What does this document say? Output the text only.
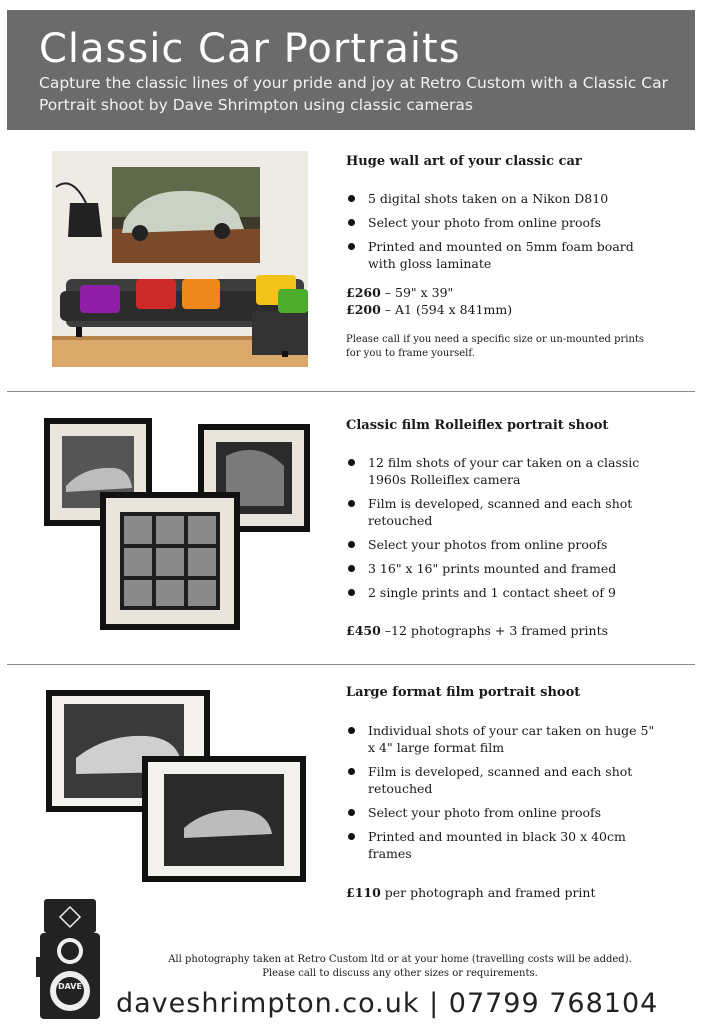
Classic Car Portraits
Capture the classic lines of your pride and joy at Retro Custom with a Classic Car Portrait shoot by Dave Shrimpton using classic cameras
Huge wall art of your classic car
5 digital shots taken on a Nikon D810
Select your photo from online proofs
Printed and mounted on 5mm foam board with gloss laminate
£260 – 59" x 39"
£200 – A1 (594 x 841mm)
Please call if you need a specific size or un-mounted prints for you to frame yourself.
Classic film Rolleiflex portrait shoot
12 film shots of your car taken on a classic 1960s Rolleiflex camera
Film is developed, scanned and each shot retouched
Select your photos from online proofs
3 16" x 16" prints mounted and framed
2 single prints and 1 contact sheet of 9
£450 –12 photographs + 3 framed prints
Large format film portrait shoot
Individual shots of your car taken on huge 5" x 4" large format film
Film is developed, scanned and each shot retouched
Select your photo from online proofs
Printed and mounted in black 30 x 40cm frames
£110 per photograph and framed print
DAVE
All photography taken at Retro Custom ltd or at your home (travelling costs will be added).
Please call to discuss any other sizes or requirements.
daveshrimpton.co.uk | 07799 768104
